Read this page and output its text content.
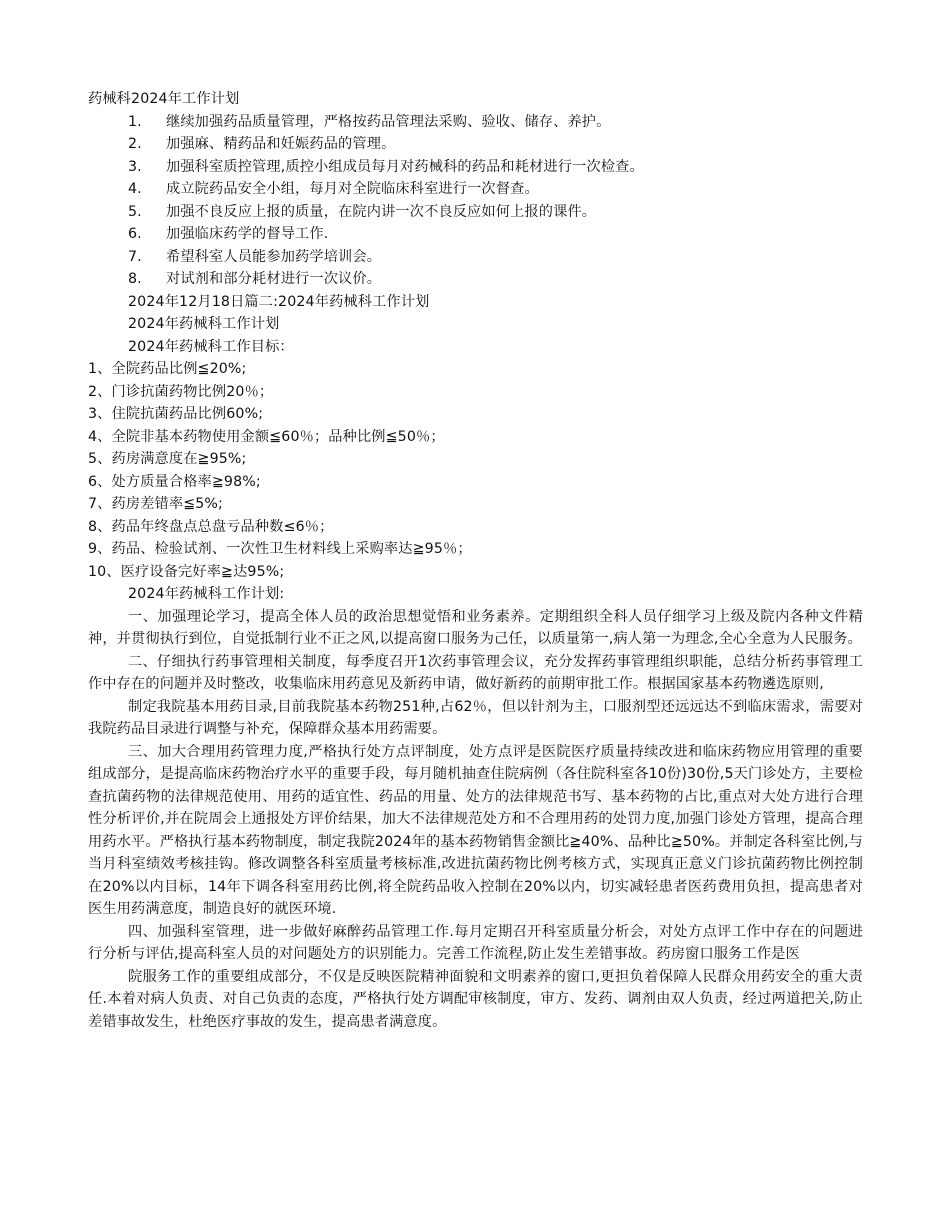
药械科2024年工作计划

1. 继续加强药品质量管理，严格按药品管理法采购、验收、储存、养护。

2. 加强麻、精药品和妊娠药品的管理。

3. 加强科室质控管理,质控小组成员每月对药械科的药品和耗材进行一次检查。

4. 成立院药品安全小组，每月对全院临床科室进行一次督查。

5. 加强不良反应上报的质量，在院内讲一次不良反应如何上报的课件。

6. 加强临床药学的督导工作.

7. 希望科室人员能参加药学培训会。

8. 对试剂和部分耗材进行一次议价。

2024年12月18日篇二:2024年药械科工作计划

2024年药械科工作计划

2024年药械科工作目标：

1、全院药品比例≦20%;

2、门诊抗菌药物比例20％；

3、住院抗菌药品比例60%;

4、全院非基本药物使用金额≦60％；品种比例≦50％；

5、药房满意度在≧95%;

6、处方质量合格率≧98%;

7、药房差错率≦5%;

8、药品年终盘点总盘亏品种数≤6％；

9、药品、检验试剂、一次性卫生材料线上采购率达≧95％；

10、医疗设备完好率≧达95%;

2024年药械科工作计划:

一、加强理论学习，提高全体人员的政治思想觉悟和业务素养。定期组织全科人员仔细学习上级及院内各种文件精神，并贯彻执行到位，自觉抵制行业不正之风,以提高窗口服务为己任，以质量第一,病人第一为理念,全心全意为人民服务。

二、仔细执行药事管理相关制度，每季度召开1次药事管理会议，充分发挥药事管理组织职能，总结分析药事管理工作中存在的问题并及时整改，收集临床用药意见及新药申请，做好新药的前期审批工作。根据国家基本药物遴选原则,

制定我院基本用药目录,目前我院基本药物251种,占62％，但以针剂为主，口服剂型还远远达不到临床需求，需要对我院药品目录进行调整与补充，保障群众基本用药需要。

三、加大合理用药管理力度,严格执行处方点评制度，处方点评是医院医疗质量持续改进和临床药物应用管理的重要组成部分，是提高临床药物治疗水平的重要手段，每月随机抽查住院病例（各住院科室各10份)30份,5天门诊处方，主要检查抗菌药物的法律规范使用、用药的适宜性、药品的用量、处方的法律规范书写、基本药物的占比,重点对大处方进行合理性分析评价,并在院周会上通报处方评价结果，加大不法律规范处方和不合理用药的处罚力度,加强门诊处方管理，提高合理用药水平。严格执行基本药物制度，制定我院2024年的基本药物销售金额比≧40%、品种比≧50%。并制定各科室比例,与当月科室绩效考核挂钩。修改调整各科室质量考核标准,改进抗菌药物比例考核方式，实现真正意义门诊抗菌药物比例控制在20%以内目标，14年下调各科室用药比例,将全院药品收入控制在20%以内，切实减轻患者医药费用负担，提高患者对医生用药满意度，制造良好的就医环境.

四、加强科室管理，进一步做好麻醉药品管理工作.每月定期召开科室质量分析会，对处方点评工作中存在的问题进行分析与评估,提高科室人员的对问题处方的识别能力。完善工作流程,防止发生差错事故。药房窗口服务工作是医

院服务工作的重要组成部分，不仅是反映医院精神面貌和文明素养的窗口,更担负着保障人民群众用药安全的重大责任.本着对病人负责、对自己负责的态度，严格执行处方调配审核制度，审方、发药、调剂由双人负责，经过两道把关,防止差错事故发生，杜绝医疗事故的发生，提高患者满意度。
